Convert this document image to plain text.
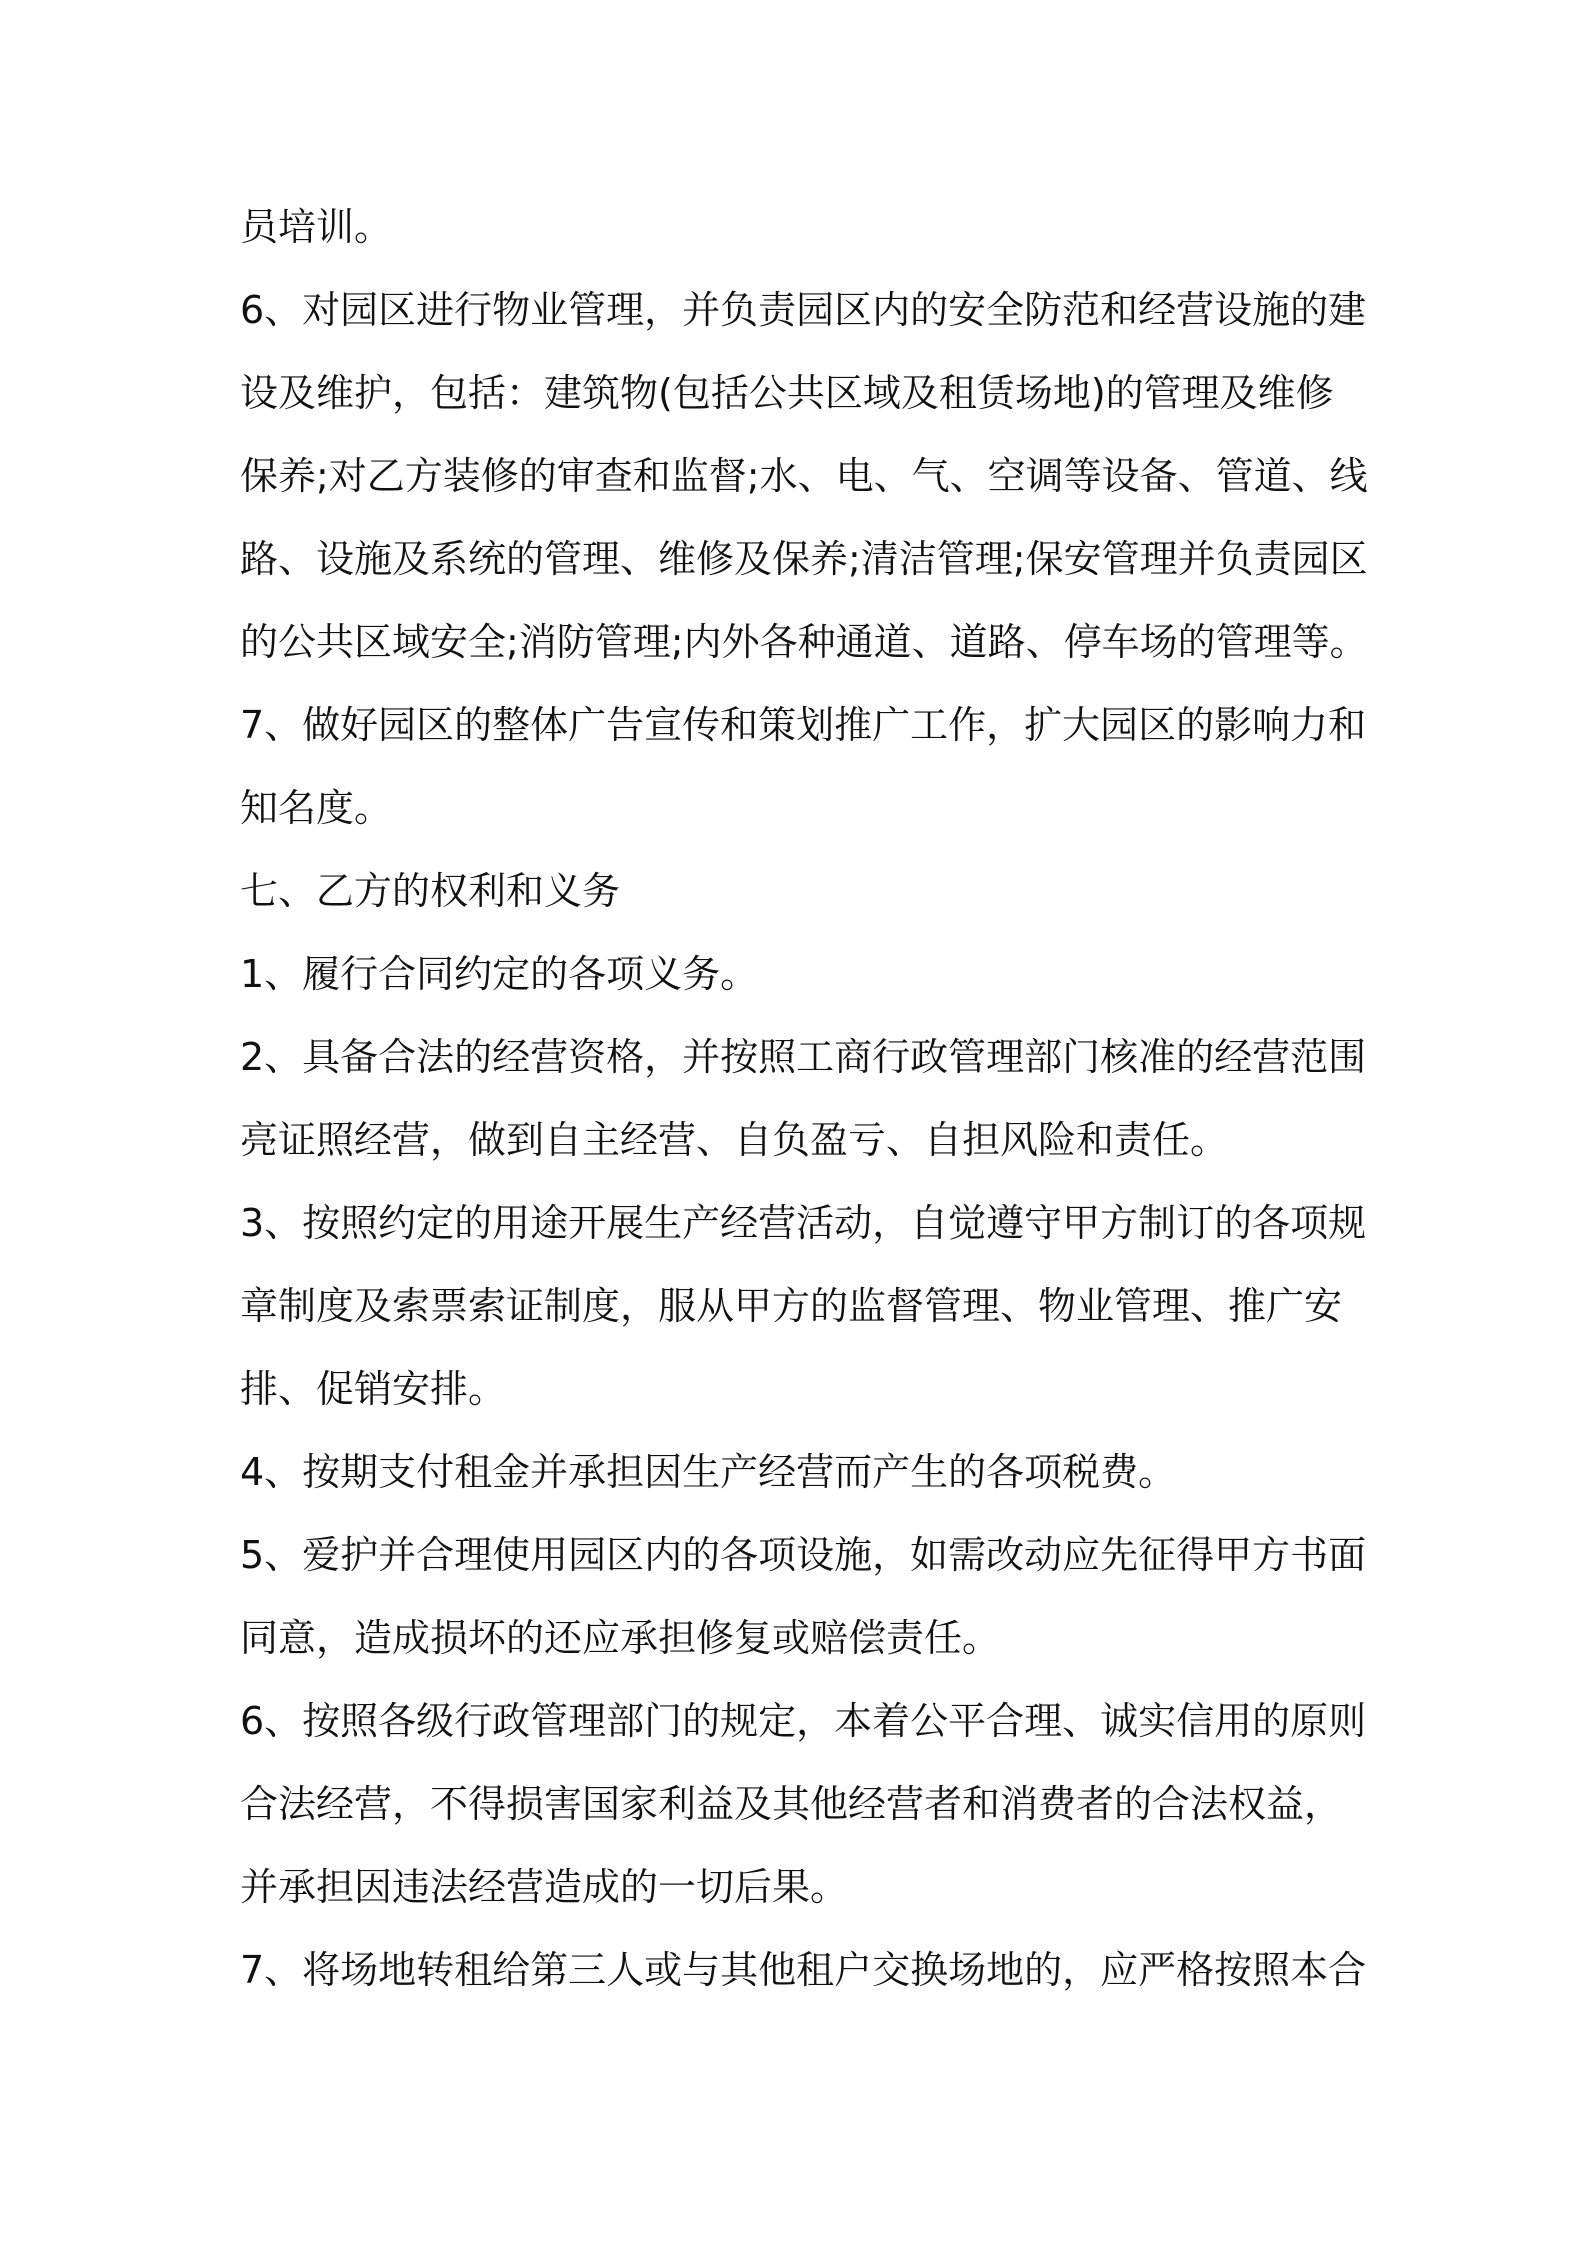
员培训。

6、对园区进行物业管理，并负责园区内的安全防范和经营设施的建设及维护，包括：建筑物(包括公共区域及租赁场地)的管理及维修保养;对乙方装修的审查和监督;水、电、气、空调等设备、管道、线路、设施及系统的管理、维修及保养;清洁管理;保安管理并负责园区的公共区域安全;消防管理;内外各种通道、道路、停车场的管理等。

7、做好园区的整体广告宣传和策划推广工作，扩大园区的影响力和知名度。

七、乙方的权利和义务

1、履行合同约定的各项义务。

2、具备合法的经营资格，并按照工商行政管理部门核准的经营范围亮证照经营，做到自主经营、自负盈亏、自担风险和责任。

3、按照约定的用途开展生产经营活动，自觉遵守甲方制订的各项规章制度及索票索证制度，服从甲方的监督管理、物业管理、推广安排、促销安排。

4、按期支付租金并承担因生产经营而产生的各项税费。

5、爱护并合理使用园区内的各项设施，如需改动应先征得甲方书面同意，造成损坏的还应承担修复或赔偿责任。

6、按照各级行政管理部门的规定，本着公平合理、诚实信用的原则合法经营，不得损害国家利益及其他经营者和消费者的合法权益，并承担因违法经营造成的一切后果。

7、将场地转租给第三人或与其他租户交换场地的，应严格按照本合
